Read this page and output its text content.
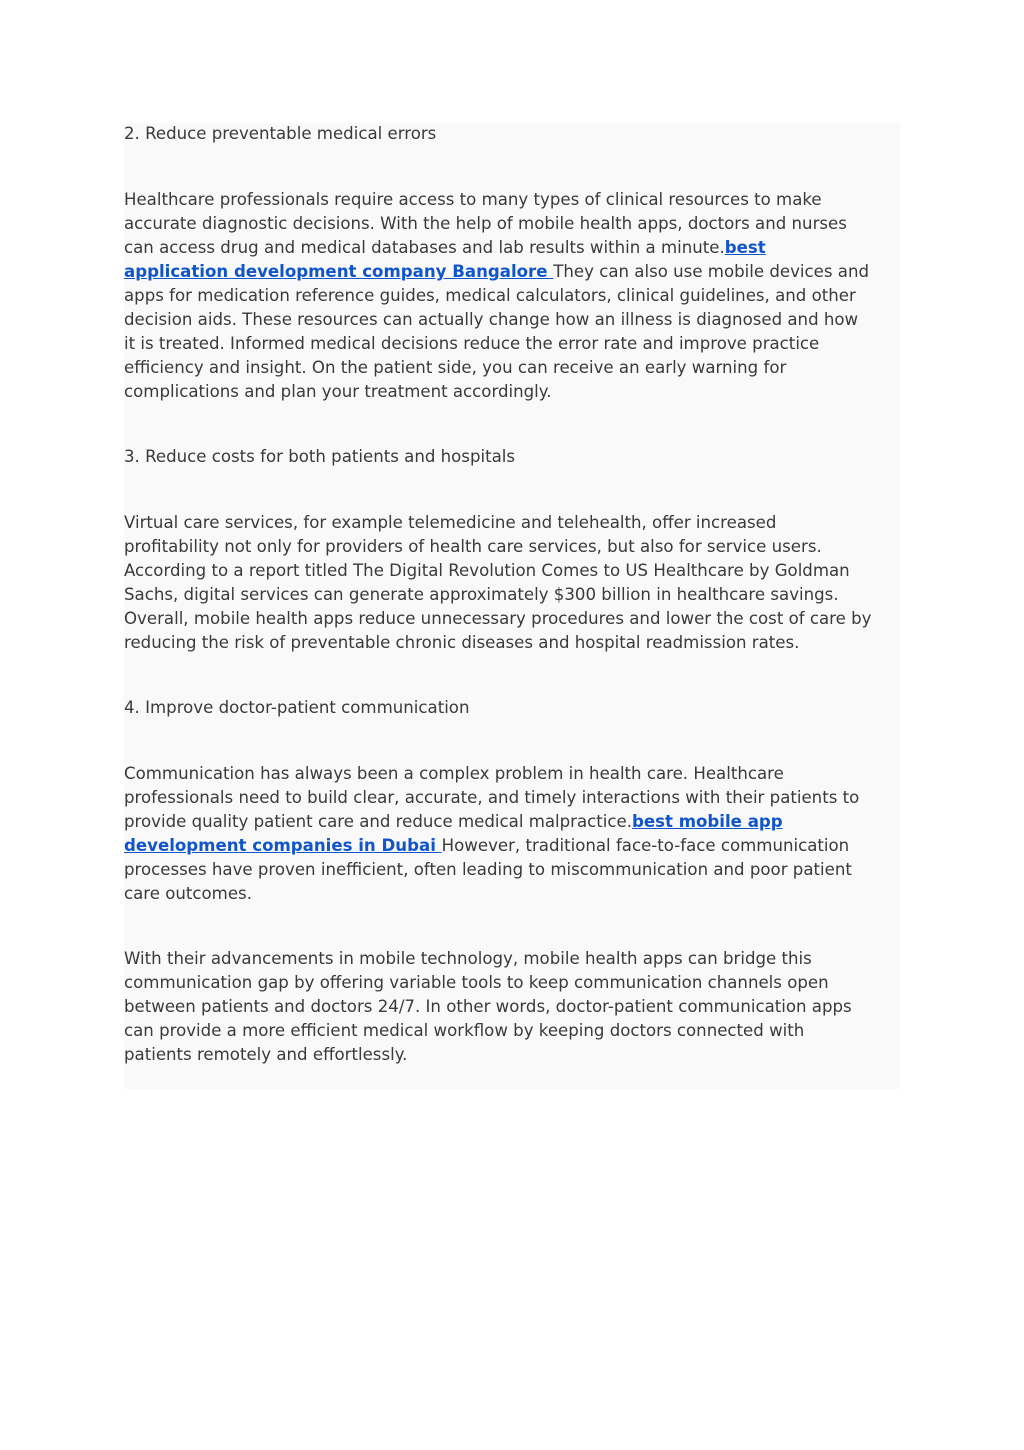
2. Reduce preventable medical errors
Healthcare professionals require access to many types of clinical resources to make
accurate diagnostic decisions. With the help of mobile health apps, doctors and nurses
can access drug and medical databases and lab results within a minute.best
application development company Bangalore They can also use mobile devices and
apps for medication reference guides, medical calculators, clinical guidelines, and other
decision aids. These resources can actually change how an illness is diagnosed and how
it is treated. Informed medical decisions reduce the error rate and improve practice
efficiency and insight. On the patient side, you can receive an early warning for
complications and plan your treatment accordingly.
3. Reduce costs for both patients and hospitals
Virtual care services, for example telemedicine and telehealth, offer increased
profitability not only for providers of health care services, but also for service users.
According to a report titled The Digital Revolution Comes to US Healthcare by Goldman
Sachs, digital services can generate approximately $300 billion in healthcare savings.
Overall, mobile health apps reduce unnecessary procedures and lower the cost of care by
reducing the risk of preventable chronic diseases and hospital readmission rates.
4. Improve doctor-patient communication
Communication has always been a complex problem in health care. Healthcare
professionals need to build clear, accurate, and timely interactions with their patients to
provide quality patient care and reduce medical malpractice.best mobile app
development companies in Dubai However, traditional face-to-face communication
processes have proven inefficient, often leading to miscommunication and poor patient
care outcomes.
With their advancements in mobile technology, mobile health apps can bridge this
communication gap by offering variable tools to keep communication channels open
between patients and doctors 24/7. In other words, doctor-patient communication apps
can provide a more efficient medical workflow by keeping doctors connected with
patients remotely and effortlessly.
